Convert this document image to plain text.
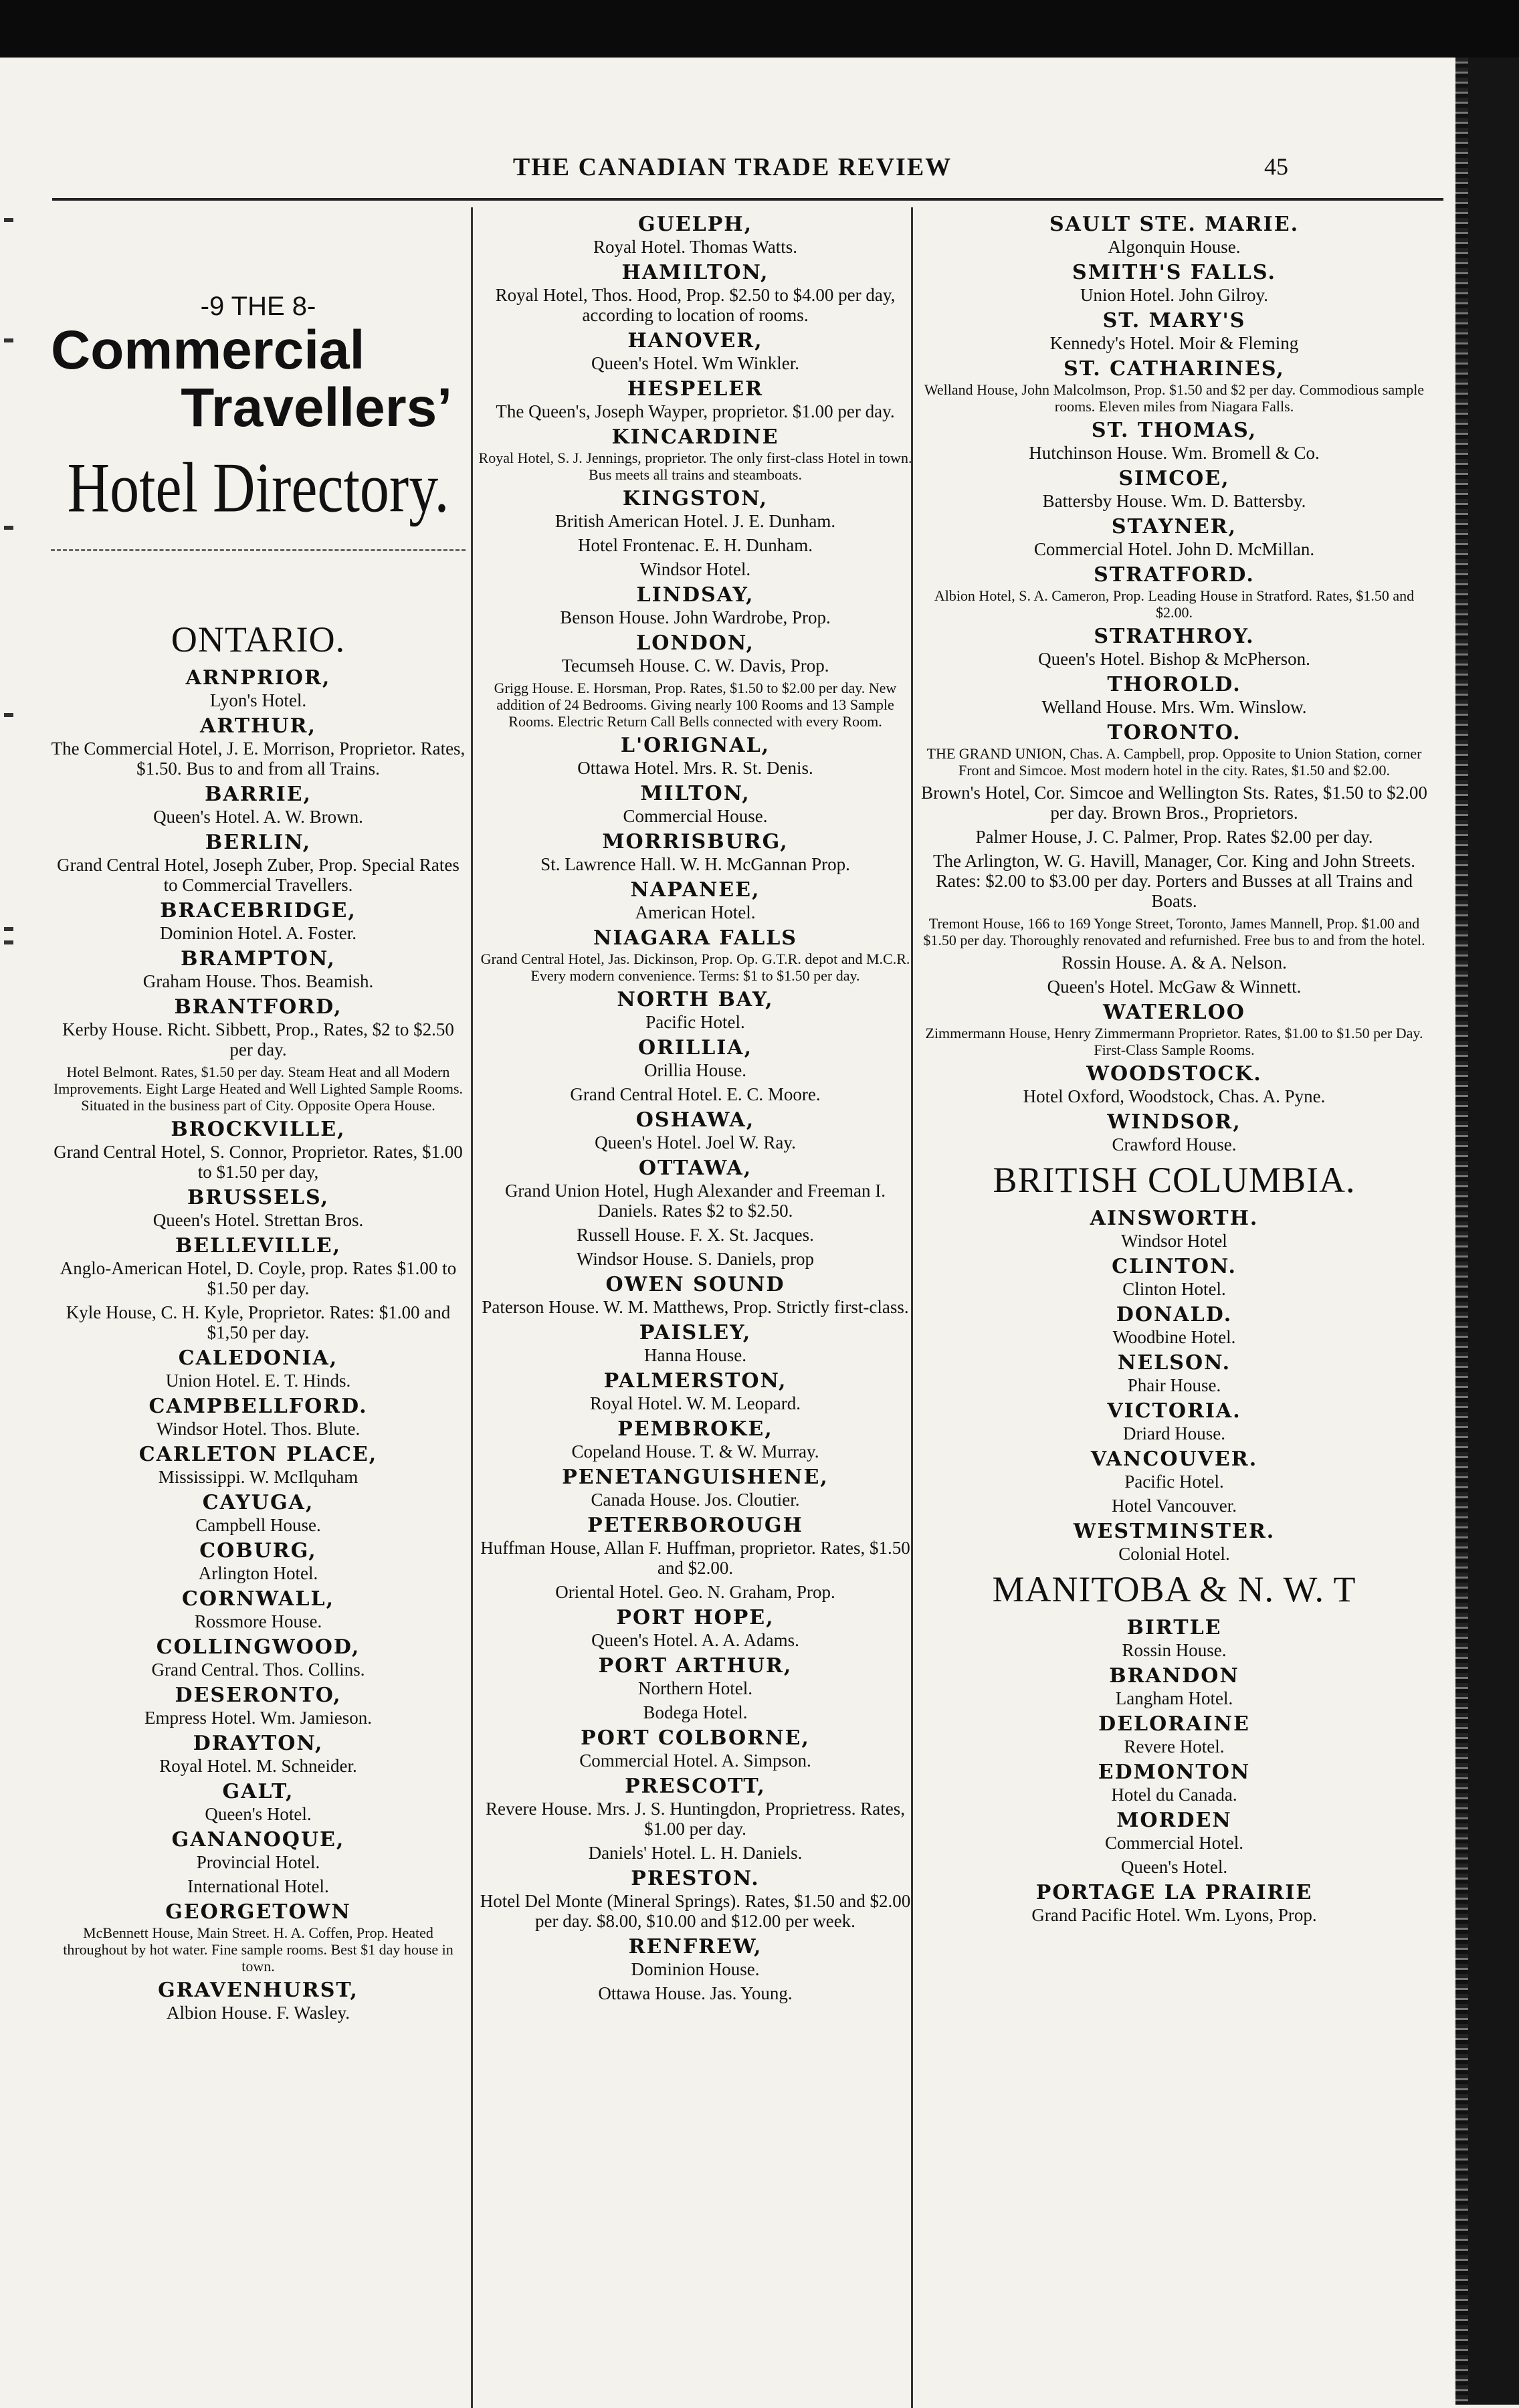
THE CANADIAN TRADE REVIEW	45
-9 THE 8-
Commercial
Travellers’
Hotel Directory.
ONTARIO.
ARNPRIOR,
Lyon's Hotel.
ARTHUR,
The Commercial Hotel, J. E. Morrison, Proprietor. Rates, $1.50. Bus to and from all Trains.
BARRIE,
Queen's Hotel. A. W. Brown.
BERLIN,
Grand Central Hotel, Joseph Zuber, Prop. Special Rates to Commercial Travellers.
BRACEBRIDGE,
Dominion Hotel. A. Foster.
BRAMPTON,
Graham House. Thos. Beamish.
BRANTFORD,
Kerby House. Richt. Sibbett, Prop., Rates, $2 to $2.50 per day.
Hotel Belmont. Rates, $1.50 per day. Steam Heat and all Modern Improvements. Eight Large Heated and Well Lighted Sample Rooms. Situated in the business part of City. Opposite Opera House.
BROCKVILLE,
Grand Central Hotel, S. Connor, Proprietor. Rates, $1.00 to $1.50 per day,
BRUSSELS,
Queen's Hotel. Strettan Bros.
BELLEVILLE,
Anglo-American Hotel, D. Coyle, prop. Rates $1.00 to $1.50 per day.
Kyle House, C. H. Kyle, Proprietor. Rates: $1.00 and $1,50 per day.
CALEDONIA,
Union Hotel. E. T. Hinds.
CAMPBELLFORD.
Windsor Hotel. Thos. Blute.
CARLETON PLACE,
Mississippi. W. McIlquham
CAYUGA,
Campbell House.
COBURG,
Arlington Hotel.
CORNWALL,
Rossmore House.
COLLINGWOOD,
Grand Central. Thos. Collins.
DESERONTO,
Empress Hotel. Wm. Jamieson.
DRAYTON,
Royal Hotel. M. Schneider.
GALT,
Queen's Hotel.
GANANOQUE,
Provincial Hotel.
International Hotel.
GEORGETOWN
McBennett House, Main Street. H. A. Coffen, Prop. Heated throughout by hot water. Fine sample rooms. Best $1 day house in town.
GRAVENHURST,
Albion House. F. Wasley.
GUELPH,
Royal Hotel. Thomas Watts.
HAMILTON,
Royal Hotel, Thos. Hood, Prop. $2.50 to $4.00 per day, according to location of rooms.
HANOVER,
Queen's Hotel. Wm Winkler.
HESPELER
The Queen's, Joseph Wayper, proprietor. $1.00 per day.
KINCARDINE
Royal Hotel, S. J. Jennings, proprietor. The only first-class Hotel in town. Bus meets all trains and steamboats.
KINGSTON,
British American Hotel. J. E. Dunham.
Hotel Frontenac. E. H. Dunham.
Windsor Hotel.
LINDSAY,
Benson House. John Wardrobe, Prop.
LONDON,
Tecumseh House. C. W. Davis, Prop.
Grigg House. E. Horsman, Prop. Rates, $1.50 to $2.00 per day. New addition of 24 Bedrooms. Giving nearly 100 Rooms and 13 Sample Rooms. Electric Return Call Bells connected with every Room.
L'ORIGNAL,
Ottawa Hotel. Mrs. R. St. Denis.
MILTON,
Commercial House.
MORRISBURG,
St. Lawrence Hall. W. H. McGannan Prop.
NAPANEE,
American Hotel.
NIAGARA FALLS
Grand Central Hotel, Jas. Dickinson, Prop. Op. G.T.R. depot and M.C.R. Every modern convenience. Terms: $1 to $1.50 per day.
NORTH BAY,
Pacific Hotel.
ORILLIA,
Orillia House.
Grand Central Hotel. E. C. Moore.
OSHAWA,
Queen's Hotel. Joel W. Ray.
OTTAWA,
Grand Union Hotel, Hugh Alexander and Freeman I. Daniels. Rates $2 to $2.50.
Russell House. F. X. St. Jacques.
Windsor House. S. Daniels, prop
OWEN SOUND
Paterson House. W. M. Matthews, Prop. Strictly first-class.
PAISLEY,
Hanna House.
PALMERSTON,
Royal Hotel. W. M. Leopard.
PEMBROKE,
Copeland House. T. & W. Murray.
PENETANGUISHENE,
Canada House. Jos. Cloutier.
PETERBOROUGH
Huffman House, Allan F. Huffman, proprietor. Rates, $1.50 and $2.00.
Oriental Hotel. Geo. N. Graham, Prop.
PORT HOPE,
Queen's Hotel. A. A. Adams.
PORT ARTHUR,
Northern Hotel.
Bodega Hotel.
PORT COLBORNE,
Commercial Hotel. A. Simpson.
PRESCOTT,
Revere House. Mrs. J. S. Huntingdon, Proprietress. Rates, $1.00 per day.
Daniels' Hotel. L. H. Daniels.
PRESTON.
Hotel Del Monte (Mineral Springs). Rates, $1.50 and $2.00 per day. $8.00, $10.00 and $12.00 per week.
RENFREW,
Dominion House.
Ottawa House. Jas. Young.
SAULT STE. MARIE.
Algonquin House.
SMITH'S FALLS.
Union Hotel. John Gilroy.
ST. MARY'S
Kennedy's Hotel. Moir & Fleming
ST. CATHARINES,
Welland House, John Malcolmson, Prop. $1.50 and $2 per day. Commodious sample rooms. Eleven miles from Niagara Falls.
ST. THOMAS,
Hutchinson House. Wm. Bromell & Co.
SIMCOE,
Battersby House. Wm. D. Battersby.
STAYNER,
Commercial Hotel. John D. McMillan.
STRATFORD.
Albion Hotel, S. A. Cameron, Prop. Leading House in Stratford. Rates, $1.50 and $2.00.
STRATHROY.
Queen's Hotel. Bishop & McPherson.
THOROLD.
Welland House. Mrs. Wm. Winslow.
TORONTO.
THE GRAND UNION, Chas. A. Campbell, prop. Opposite to Union Station, corner Front and Simcoe. Most modern hotel in the city. Rates, $1.50 and $2.00.
Brown's Hotel, Cor. Simcoe and Wellington Sts. Rates, $1.50 to $2.00 per day. Brown Bros., Proprietors.
Palmer House, J. C. Palmer, Prop. Rates $2.00 per day.
The Arlington, W. G. Havill, Manager, Cor. King and John Streets. Rates: $2.00 to $3.00 per day. Porters and Busses at all Trains and Boats.
Tremont House, 166 to 169 Yonge Street, Toronto, James Mannell, Prop. $1.00 and $1.50 per day. Thoroughly renovated and refurnished. Free bus to and from the hotel.
Rossin House. A. & A. Nelson.
Queen's Hotel. McGaw & Winnett.
WATERLOO
Zimmermann House, Henry Zimmermann Proprietor. Rates, $1.00 to $1.50 per Day. First-Class Sample Rooms.
WOODSTOCK.
Hotel Oxford, Woodstock, Chas. A. Pyne.
WINDSOR,
Crawford House.
BRITISH COLUMBIA.
AINSWORTH.
Windsor Hotel
CLINTON.
Clinton Hotel.
DONALD.
Woodbine Hotel.
NELSON.
Phair House.
VICTORIA.
Driard House.
VANCOUVER.
Pacific Hotel.
Hotel Vancouver.
WESTMINSTER.
Colonial Hotel.
MANITOBA & N. W. T
BIRTLE
Rossin House.
BRANDON
Langham Hotel.
DELORAINE
Revere Hotel.
EDMONTON
Hotel du Canada.
MORDEN
Commercial Hotel.
Queen's Hotel.
PORTAGE LA PRAIRIE
Grand Pacific Hotel. Wm. Lyons, Prop.
